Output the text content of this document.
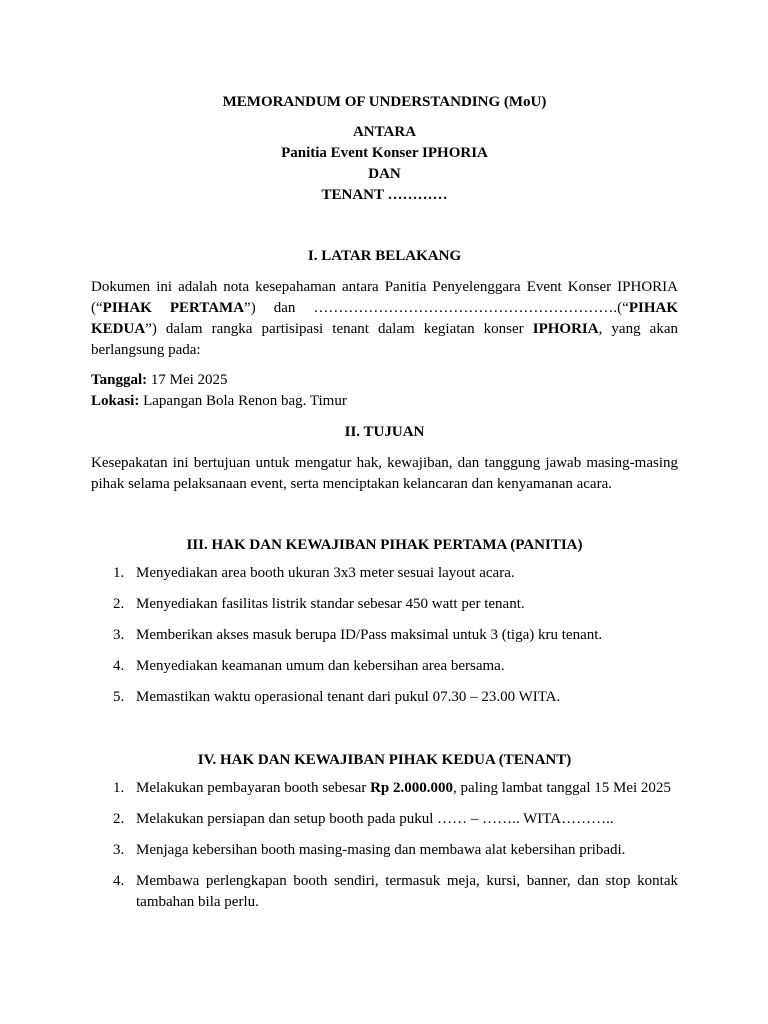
MEMORANDUM OF UNDERSTANDING (MoU)

ANTARA

Panitia Event Konser IPHORIA

DAN

TENANT …………

I. LATAR BELAKANG

Dokumen ini adalah nota kesepahaman antara Panitia Penyelenggara Event Konser IPHORIA (“PIHAK PERTAMA”) dan …………………………………………………….(“PIHAK KEDUA”) dalam rangka partisipasi tenant dalam kegiatan konser IPHORIA, yang akan berlangsung pada:

Tanggal: 17 Mei 2025

Lokasi: Lapangan Bola Renon bag. Timur

II. TUJUAN

Kesepakatan ini bertujuan untuk mengatur hak, kewajiban, dan tanggung jawab masing-masing pihak selama pelaksanaan event, serta menciptakan kelancaran dan kenyamanan acara.

III. HAK DAN KEWAJIBAN PIHAK PERTAMA (PANITIA)
1. Menyediakan area booth ukuran 3x3 meter sesuai layout acara.
2. Menyediakan fasilitas listrik standar sebesar 450 watt per tenant.
3. Memberikan akses masuk berupa ID/Pass maksimal untuk 3 (tiga) kru tenant.
4. Menyediakan keamanan umum dan kebersihan area bersama.
5. Memastikan waktu operasional tenant dari pukul 07.30 – 23.00 WITA.
IV. HAK DAN KEWAJIBAN PIHAK KEDUA (TENANT)
1. Melakukan pembayaran booth sebesar Rp 2.000.000, paling lambat tanggal 15 Mei 2025
2. Melakukan persiapan dan setup booth pada pukul …… – …….. WITA………..
3. Menjaga kebersihan booth masing-masing dan membawa alat kebersihan pribadi.
4. Membawa perlengkapan booth sendiri, termasuk meja, kursi, banner, dan stop kontak tambahan bila perlu.
